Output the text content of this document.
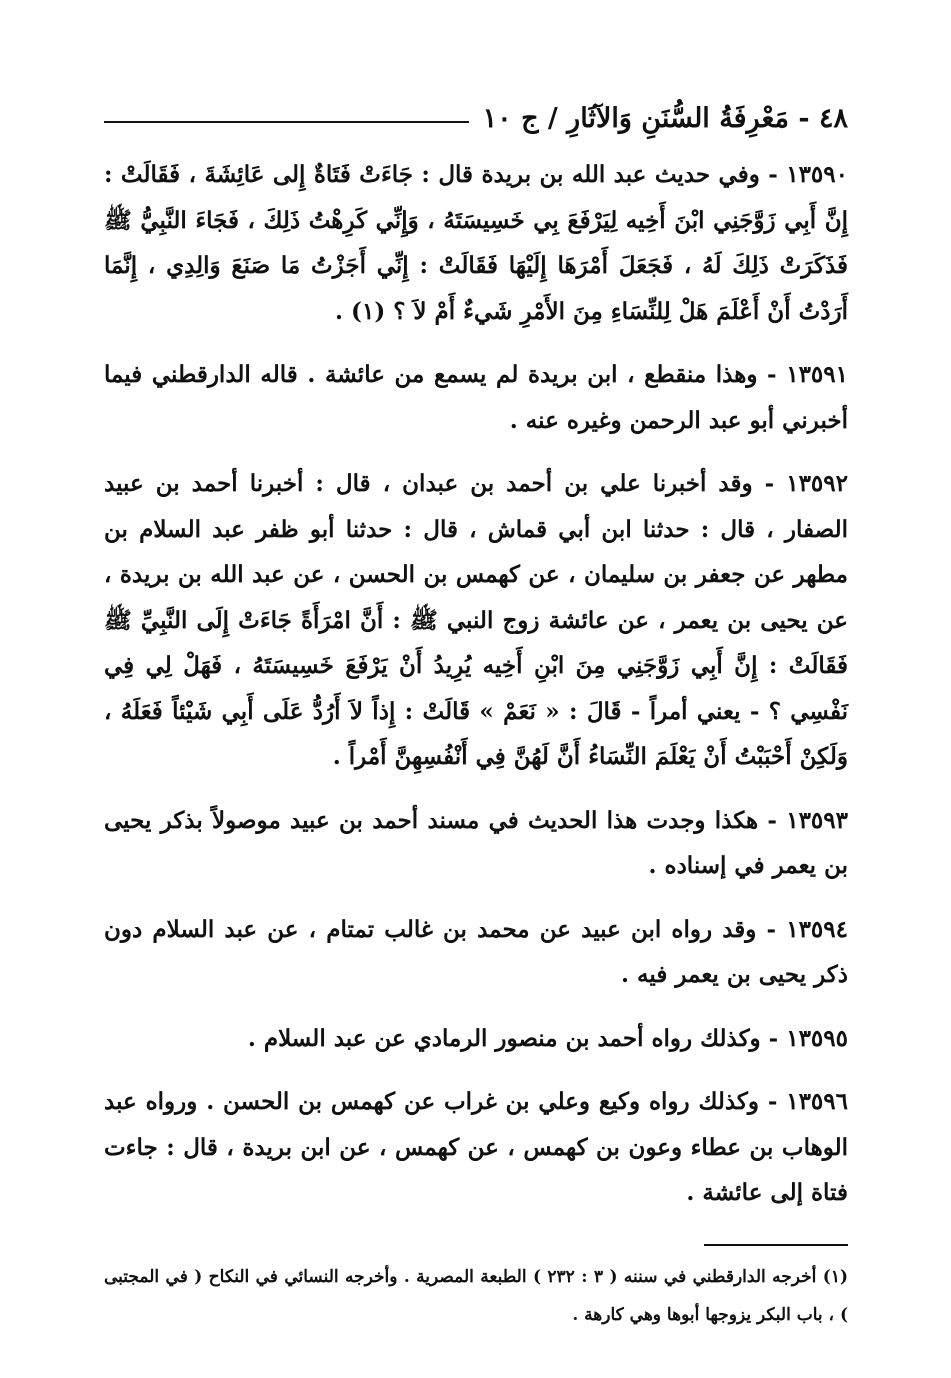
٤٨ - مَعْرِفَةُ السُّنَنِ وَالآثَارِ / ج ١٠

١٣٥٩٠ - وفي حديث عبد الله بن بريدة قال : جَاءَتْ فَتَاةٌ إِلى عَائِشَةَ ، فَقَالَتْ : إِنَّ أَبِي زَوَّجَنِي ابْنَ أَخِيه لِيَرْفَعَ بِي خَسِيسَتَهُ ، وَإِنِّي كَرِهْتُ ذَلِكَ ، فَجَاءَ النَّبِيُّ ﷺ فَذَكَرَتْ ذَلِكَ لَهُ ، فَجَعَلَ أَمْرَهَا إِلَيْهَا فَقَالَتْ : إِنِّي أَجَزْتُ مَا صَنَعَ وَالِدِي ، إِنَّمَا أَرَدْتُ أَنْ أَعْلَمَ هَلْ لِلنِّسَاءِ مِنَ الأَمْرِ شَيءٌ أَمْ لاَ ؟ (١) .

١٣٥٩١ - وهذا منقطع ، ابن بريدة لم يسمع من عائشة . قاله الدارقطني فيما أخبرني أبو عبد الرحمن وغيره عنه .

١٣٥٩٢ - وقد أخبرنا علي بن أحمد بن عبدان ، قال : أخبرنا أحمد بن عبيد الصفار ، قال : حدثنا ابن أبي قماش ، قال : حدثنا أبو ظفر عبد السلام بن مطهر عن جعفر بن سليمان ، عن كهمس بن الحسن ، عن عبد الله بن بريدة ، عن يحيى بن يعمر ، عن عائشة زوج النبي ﷺ : أَنَّ امْرَأَةً جَاءَتْ إِلَى النَّبِيِّ ﷺ فَقَالَتْ : إِنَّ أَبِي زَوَّجَنِي مِنَ ابْنِ أَخِيه يُرِيدُ أَنْ يَرْفَعَ خَسِيسَتَهُ ، فَهَلْ لِي فِي نَفْسِي ؟ - يعني أمراً - قَالَ : « نَعَمْ » قَالَتْ : إِذاً لاَ أَرُدُّ عَلَى أَبِي شَيْئاً فَعَلَهُ ، وَلَكِنْ أَحْبَبْتُ أَنْ يَعْلَمَ النِّسَاءُ أَنَّ لَهُنَّ فِي أَنْفُسِهِنَّ أَمْراً .

١٣٥٩٣ - هكذا وجدت هذا الحديث في مسند أحمد بن عبيد موصولاً بذكر يحيى بن يعمر في إسناده .

١٣٥٩٤ - وقد رواه ابن عبيد عن محمد بن غالب تمتام ، عن عبد السلام دون ذكر يحيى بن يعمر فيه .

١٣٥٩٥ - وكذلك رواه أحمد بن منصور الرمادي عن عبد السلام .

١٣٥٩٦ - وكذلك رواه وكيع وعلي بن غراب عن كهمس بن الحسن . ورواه عبد الوهاب بن عطاء وعون بن كهمس ، عن كهمس ، عن ابن بريدة ، قال : جاءت فتاة إلى عائشة .

(١) أخرجه الدارقطني في سننه ( ٣ : ٢٣٢ ) الطبعة المصرية . وأخرجه النسائي في النكاح ( في المجتبى ) ، باب البكر يزوجها أبوها وهي كارهة .
